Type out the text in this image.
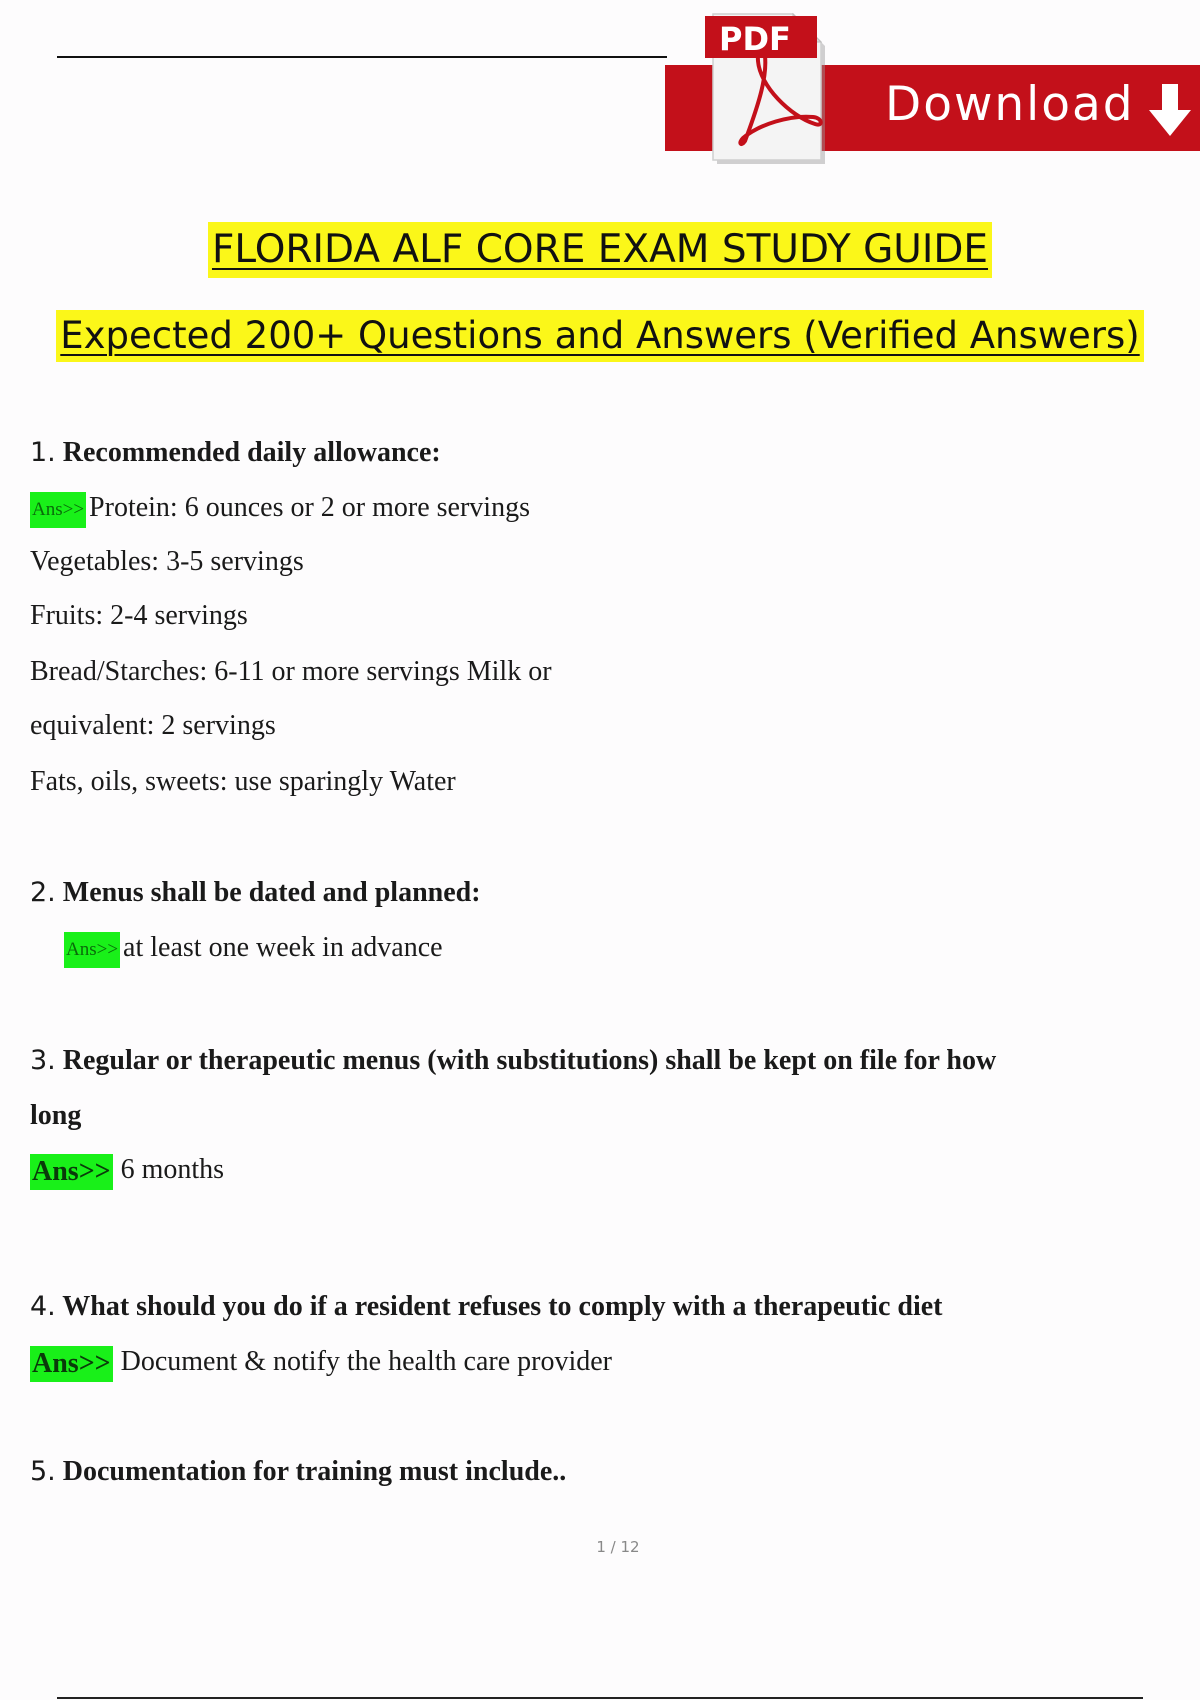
PDF
Download
FLORIDA ALF CORE EXAM STUDY GUIDE
Expected 200+ Questions and Answers (Verified Answers)
1. Recommended daily allowance:
Ans>> Protein: 6 ounces or 2 or more servings
Vegetables: 3-5 servings
Fruits: 2-4 servings
Bread/Starches: 6-11 or more servings Milk or
equivalent: 2 servings
Fats, oils, sweets: use sparingly Water
2. Menus shall be dated and planned:
Ans>> at least one week in advance
3. Regular or therapeutic menus (with substitutions) shall be kept on file for how
long
Ans>> 6 months
4. What should you do if a resident refuses to comply with a therapeutic diet
Ans>> Document & notify the health care provider
5. Documentation for training must include..
1 / 12
